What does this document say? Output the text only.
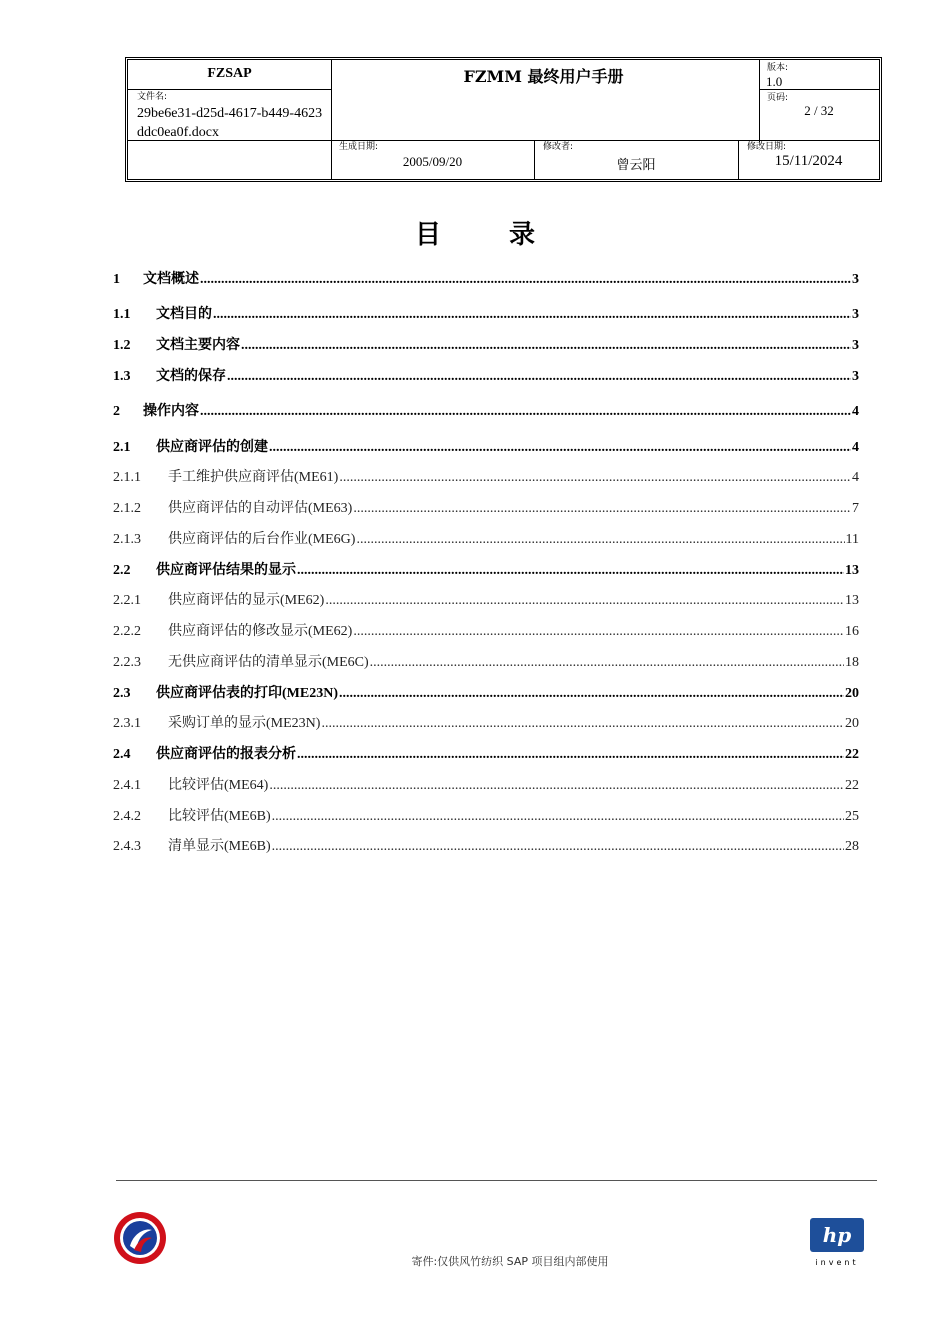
FZSAP	FZMM 最终用户手册	版本:
1.0
文件名:
29be6e31-d25d-4617-b449-4623ddc0ea0f.docx
页码:
2 / 32
生成日期:
2005/09/20
修改者:
曾云阳
修改日期:
15/11/2024
目录
1	文档概述 .....	3
1.1	文档目的 .....	3
1.2	文档主要内容 .....	3
1.3	文档的保存 .....	3
2	操作内容 .....	4
2.1	供应商评估的创建 .....	4
2.1.1	手工维护供应商评估(ME61) .....	4
2.1.2	供应商评估的自动评估(ME63) .....	7
2.1.3	供应商评估的后台作业(ME6G) .....	11
2.2	供应商评估结果的显示 .....	13
2.2.1	供应商评估的显示(ME62) .....	13
2.2.2	供应商评估的修改显示(ME62) .....	16
2.2.3	无供应商评估的清单显示(ME6C) .....	18
2.3	供应商评估表的打印(ME23N) .....	20
2.3.1	采购订单的显示(ME23N) .....	20
2.4	供应商评估的报表分析 .....	22
2.4.1	比较评估(ME64) .....	22
2.4.2	比较评估(ME6B) .....	25
2.4.3	清单显示(ME6B) .....	28
寄件:仅供风竹纺织 SAP 项目组内部使用
hp
invent
